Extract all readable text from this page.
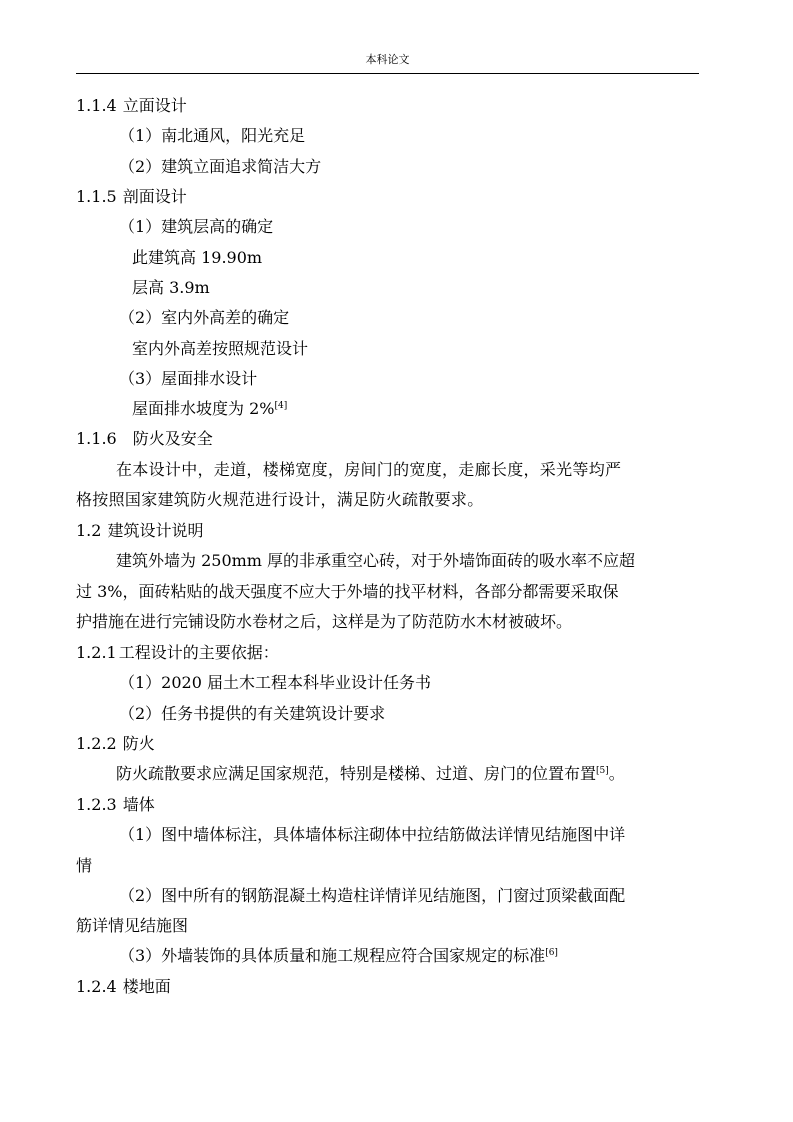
本科论文
1.1.4 立面设计
（1）南北通风，阳光充足
（2）建筑立面追求简洁大方
1.1.5 剖面设计
（1）建筑层高的确定
此建筑高 19.90m
层高 3.9m
（2）室内外高差的确定
室内外高差按照规范设计
（3）屋面排水设计
屋面排水坡度为 2%[4]
1.1.6 防火及安全
在本设计中，走道，楼梯宽度，房间门的宽度，走廊长度，采光等均严
格按照国家建筑防火规范进行设计，满足防火疏散要求。
1.2 建筑设计说明
建筑外墙为 250mm 厚的非承重空心砖，对于外墙饰面砖的吸水率不应超
过 3%，面砖粘贴的战天强度不应大于外墙的找平材料，各部分都需要采取保
护措施在进行完铺设防水卷材之后，这样是为了防范防水木材被破坏。
1.2.1 工程设计的主要依据：
（1）2020 届土木工程本科毕业设计任务书
（2）任务书提供的有关建筑设计要求
1.2.2 防火
防火疏散要求应满足国家规范，特别是楼梯、过道、房门的位置布置[5]。
1.2.3 墙体
（1）图中墙体标注，具体墙体标注砌体中拉结筋做法详情见结施图中详
情
（2）图中所有的钢筋混凝土构造柱详情详见结施图，门窗过顶梁截面配
筋详情见结施图
（3）外墙装饰的具体质量和施工规程应符合国家规定的标准[6]
1.2.4 楼地面
